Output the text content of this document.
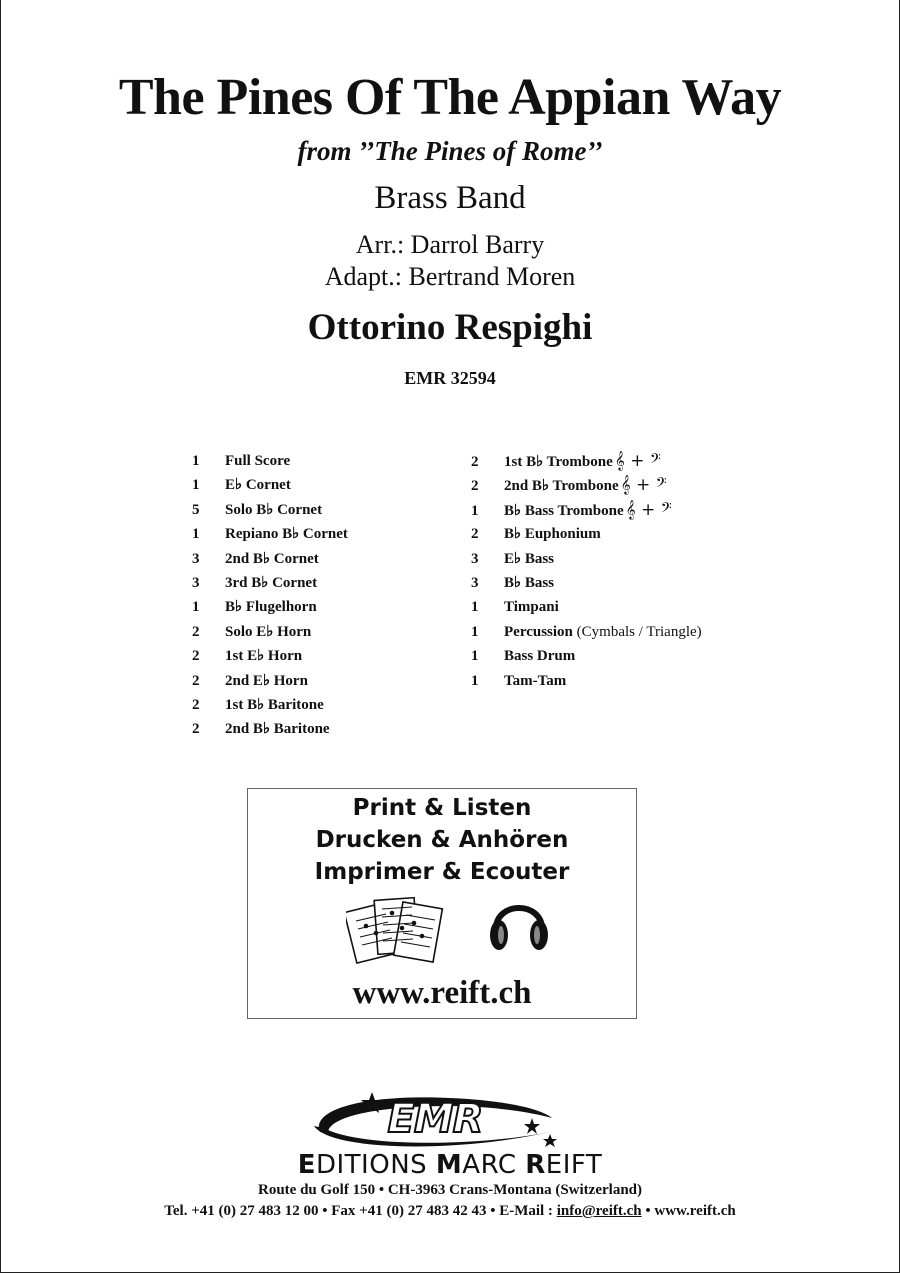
The Pines Of The Appian Way
from ’’The Pines of Rome’’
Brass Band
Arr.: Darrol Barry
Adapt.: Bertrand Moren
Ottorino Respighi
EMR 32594
1 Full Score
1 E♭ Cornet
5 Solo B♭ Cornet
1 Repiano B♭ Cornet
3 2nd B♭ Cornet
3 3rd B♭ Cornet
1 B♭ Flugelhorn
2 Solo E♭ Horn
2 1st E♭ Horn
2 2nd E♭ Horn
2 1st B♭ Baritone
2 2nd B♭ Baritone
2 1st B♭ Trombone 𝄞 + 𝄢
2 2nd B♭ Trombone 𝄞 + 𝄢
1 B♭ Bass Trombone 𝄞 + 𝄢
2 B♭ Euphonium
3 E♭ Bass
3 B♭ Bass
1 Timpani
1 Percussion (Cymbals / Triangle)
1 Bass Drum
1 Tam-Tam
Print & Listen
Drucken & Anhören
Imprimer & Ecouter
www.reift.ch
EMR
EDITIONS MARC REIFT
Route du Golf 150 • CH-3963 Crans-Montana (Switzerland)
Tel. +41 (0) 27 483 12 00 • Fax +41 (0) 27 483 42 43 • E-Mail : info@reift.ch • www.reift.ch
